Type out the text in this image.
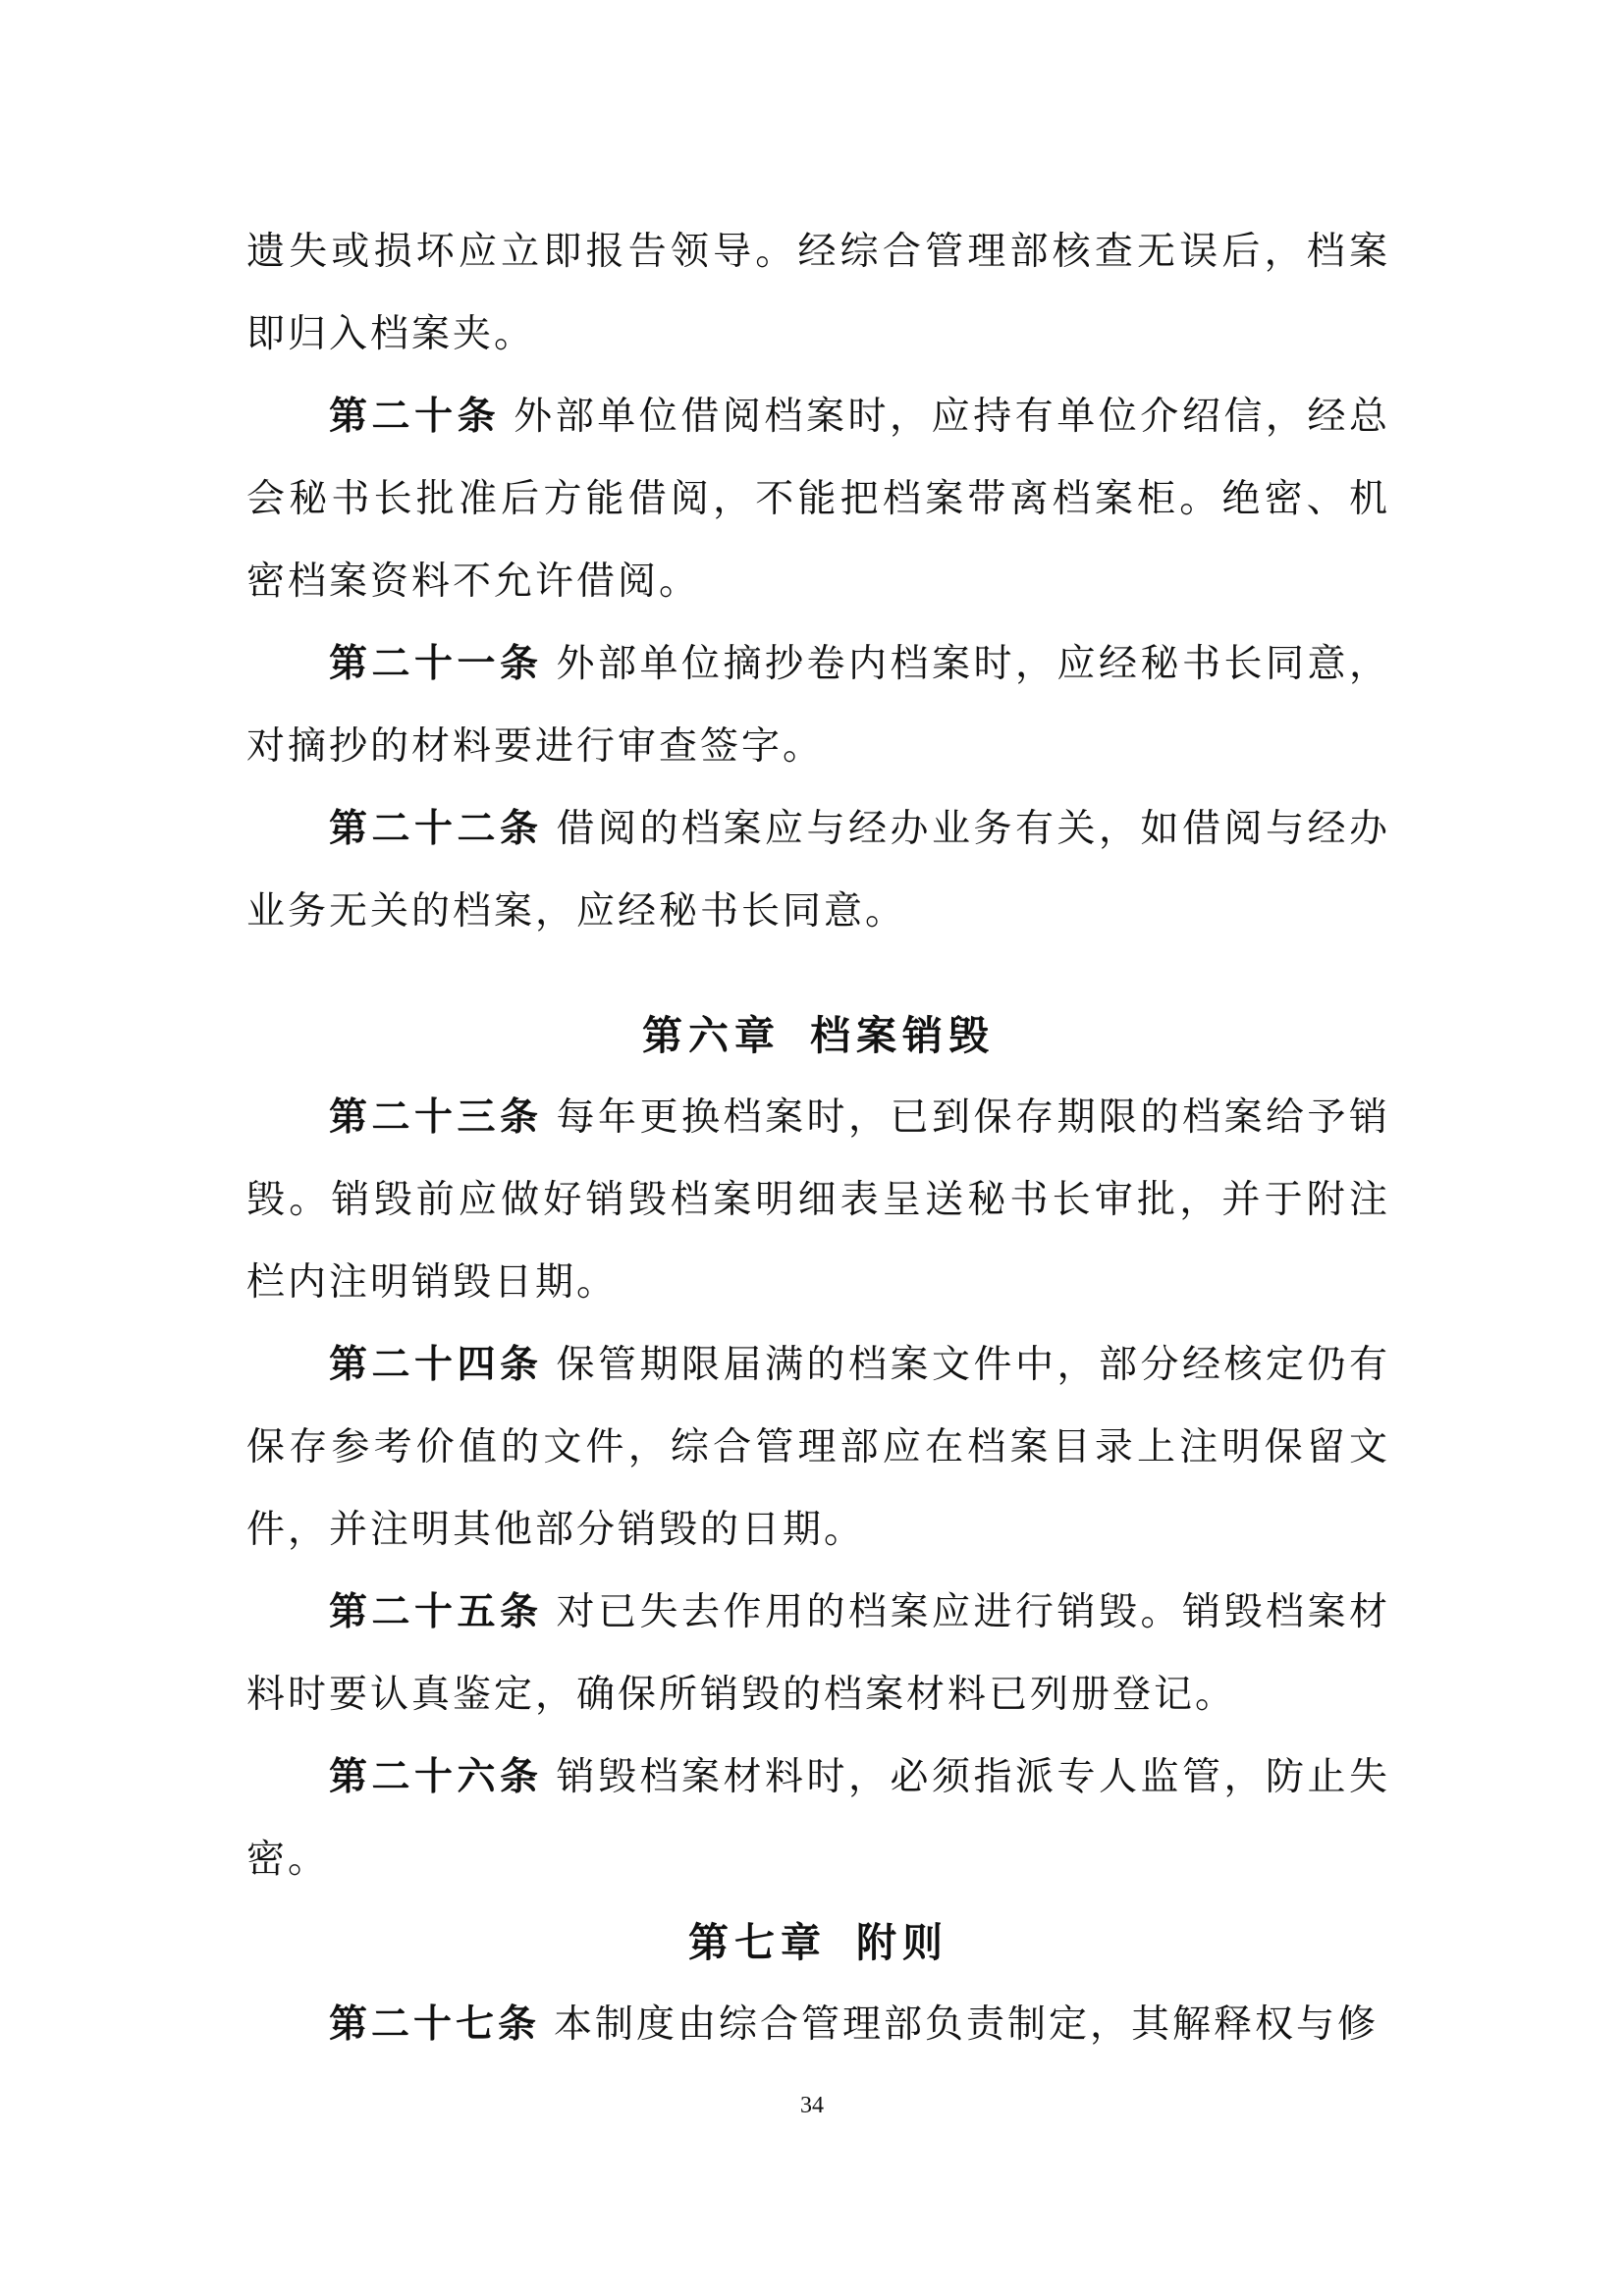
遗失或损坏应立即报告领导。经综合管理部核查无误后，档案即归入档案夹。

第二十条 外部单位借阅档案时，应持有单位介绍信，经总会秘书长批准后方能借阅，不能把档案带离档案柜。绝密、机密档案资料不允许借阅。

第二十一条 外部单位摘抄卷内档案时，应经秘书长同意，对摘抄的材料要进行审查签字。

第二十二条 借阅的档案应与经办业务有关，如借阅与经办业务无关的档案，应经秘书长同意。

第六章 档案销毁

第二十三条 每年更换档案时，已到保存期限的档案给予销毁。销毁前应做好销毁档案明细表呈送秘书长审批，并于附注栏内注明销毁日期。

第二十四条 保管期限届满的档案文件中，部分经核定仍有保存参考价值的文件，综合管理部应在档案目录上注明保留文件，并注明其他部分销毁的日期。

第二十五条 对已失去作用的档案应进行销毁。销毁档案材料时要认真鉴定，确保所销毁的档案材料已列册登记。

第二十六条 销毁档案材料时，必须指派专人监管，防止失密。

第七章 附则

第二十七条 本制度由综合管理部负责制定，其解释权与修

34
